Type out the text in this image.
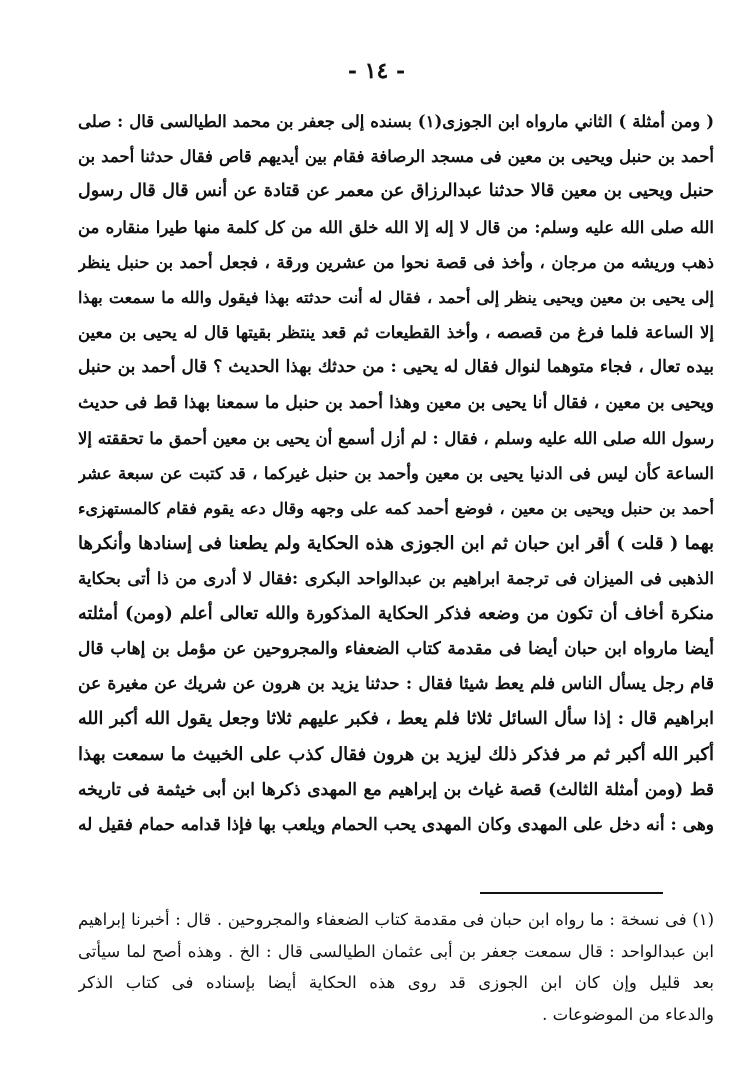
- ١٤ -
( ومن أمثلة ) الثاني مارواه ابن الجوزى(١) بسنده إلى جعفر بن محمد الطيالسى قال : صلى
أحمد بن حنبل ويحيى بن معين فى مسجد الرصافة فقام بين أيديهم قاص فقال حدثنا أحمد بن
حنبل ويحيى بن معين قالا حدثنا عبدالرزاق عن معمر عن قتادة عن أنس قال قال رسول
الله صلى الله عليه وسلم: من قال لا إله إلا الله خلق الله من كل كلمة منها طيرا منقاره من
ذهب وريشه من مرجان ، وأخذ فى قصة نحوا من عشرين ورقة ، فجعل أحمد بن حنبل ينظر
إلى يحيى بن معين ويحيى ينظر إلى أحمد ، فقال له أنت حدثته بهذا فيقول والله ما سمعت بهذا
إلا الساعة فلما فرغ من قصصه ، وأخذ القطيعات ثم قعد ينتظر بقيتها قال له يحيى بن معين
بيده تعال ، فجاء متوهما لنوال فقال له يحيى : من حدثك بهذا الحديث ؟ قال أحمد بن حنبل
ويحيى بن معين ، فقال أنا يحيى بن معين وهذا أحمد بن حنبل ما سمعنا بهذا قط فى حديث
رسول الله صلى الله عليه وسلم ، فقال : لم أزل أسمع أن يحيى بن معين أحمق ما تحققته إلا
الساعة كأن ليس فى الدنيا يحيى بن معين وأحمد بن حنبل غيركما ، قد كتبت عن سبعة عشر
أحمد بن حنبل ويحيى بن معين ، فوضع أحمد كمه على وجهه وقال دعه يقوم فقام كالمستهزىء
بهما ( قلت ) أقر ابن حبان ثم ابن الجوزى هذه الحكاية ولم يطعنا فى إسنادها وأنكرها
الذهبى فى الميزان فى ترجمة ابراهيم بن عبدالواحد البكرى :فقال لا أدرى من ذا أتى بحكاية
منكرة أخاف أن تكون من وضعه فذكر الحكاية المذكورة والله تعالى أعلم (ومن) أمثلته
أيضا مارواه ابن حبان أيضا فى مقدمة كتاب الضعفاء والمجروحين عن مؤمل بن إهاب قال
قام رجل يسأل الناس فلم يعط شيئا فقال : حدثنا يزيد بن هرون عن شريك عن مغيرة عن
ابراهيم قال : إذا سأل السائل ثلاثا فلم يعط ، فكبر عليهم ثلاثا وجعل يقول الله أكبر الله
أكبر الله أكبر ثم مر فذكر ذلك ليزيد بن هرون فقال كذب على الخبيث ما سمعت بهذا
قط (ومن أمثلة الثالث) قصة غياث بن إبراهيم مع المهدى ذكرها ابن أبى خيثمة فى تاريخه
وهى : أنه دخل على المهدى وكان المهدى يحب الحمام ويلعب بها فإذا قدامه حمام فقيل له
(١) فى نسخة : ما رواه ابن حبان فى مقدمة كتاب الضعفاء والمجروحين . قال : أخبرنا إبراهيم
ابن عبدالواحد : قال سمعت جعفر بن أبى عثمان الطيالسى قال : الخ . وهذه أصح لما سيأتى
بعد قليل وإن كان ابن الجوزى قد روى هذه الحكاية أيضا بإسناده فى كتاب الذكر
والدعاء من الموضوعات .
